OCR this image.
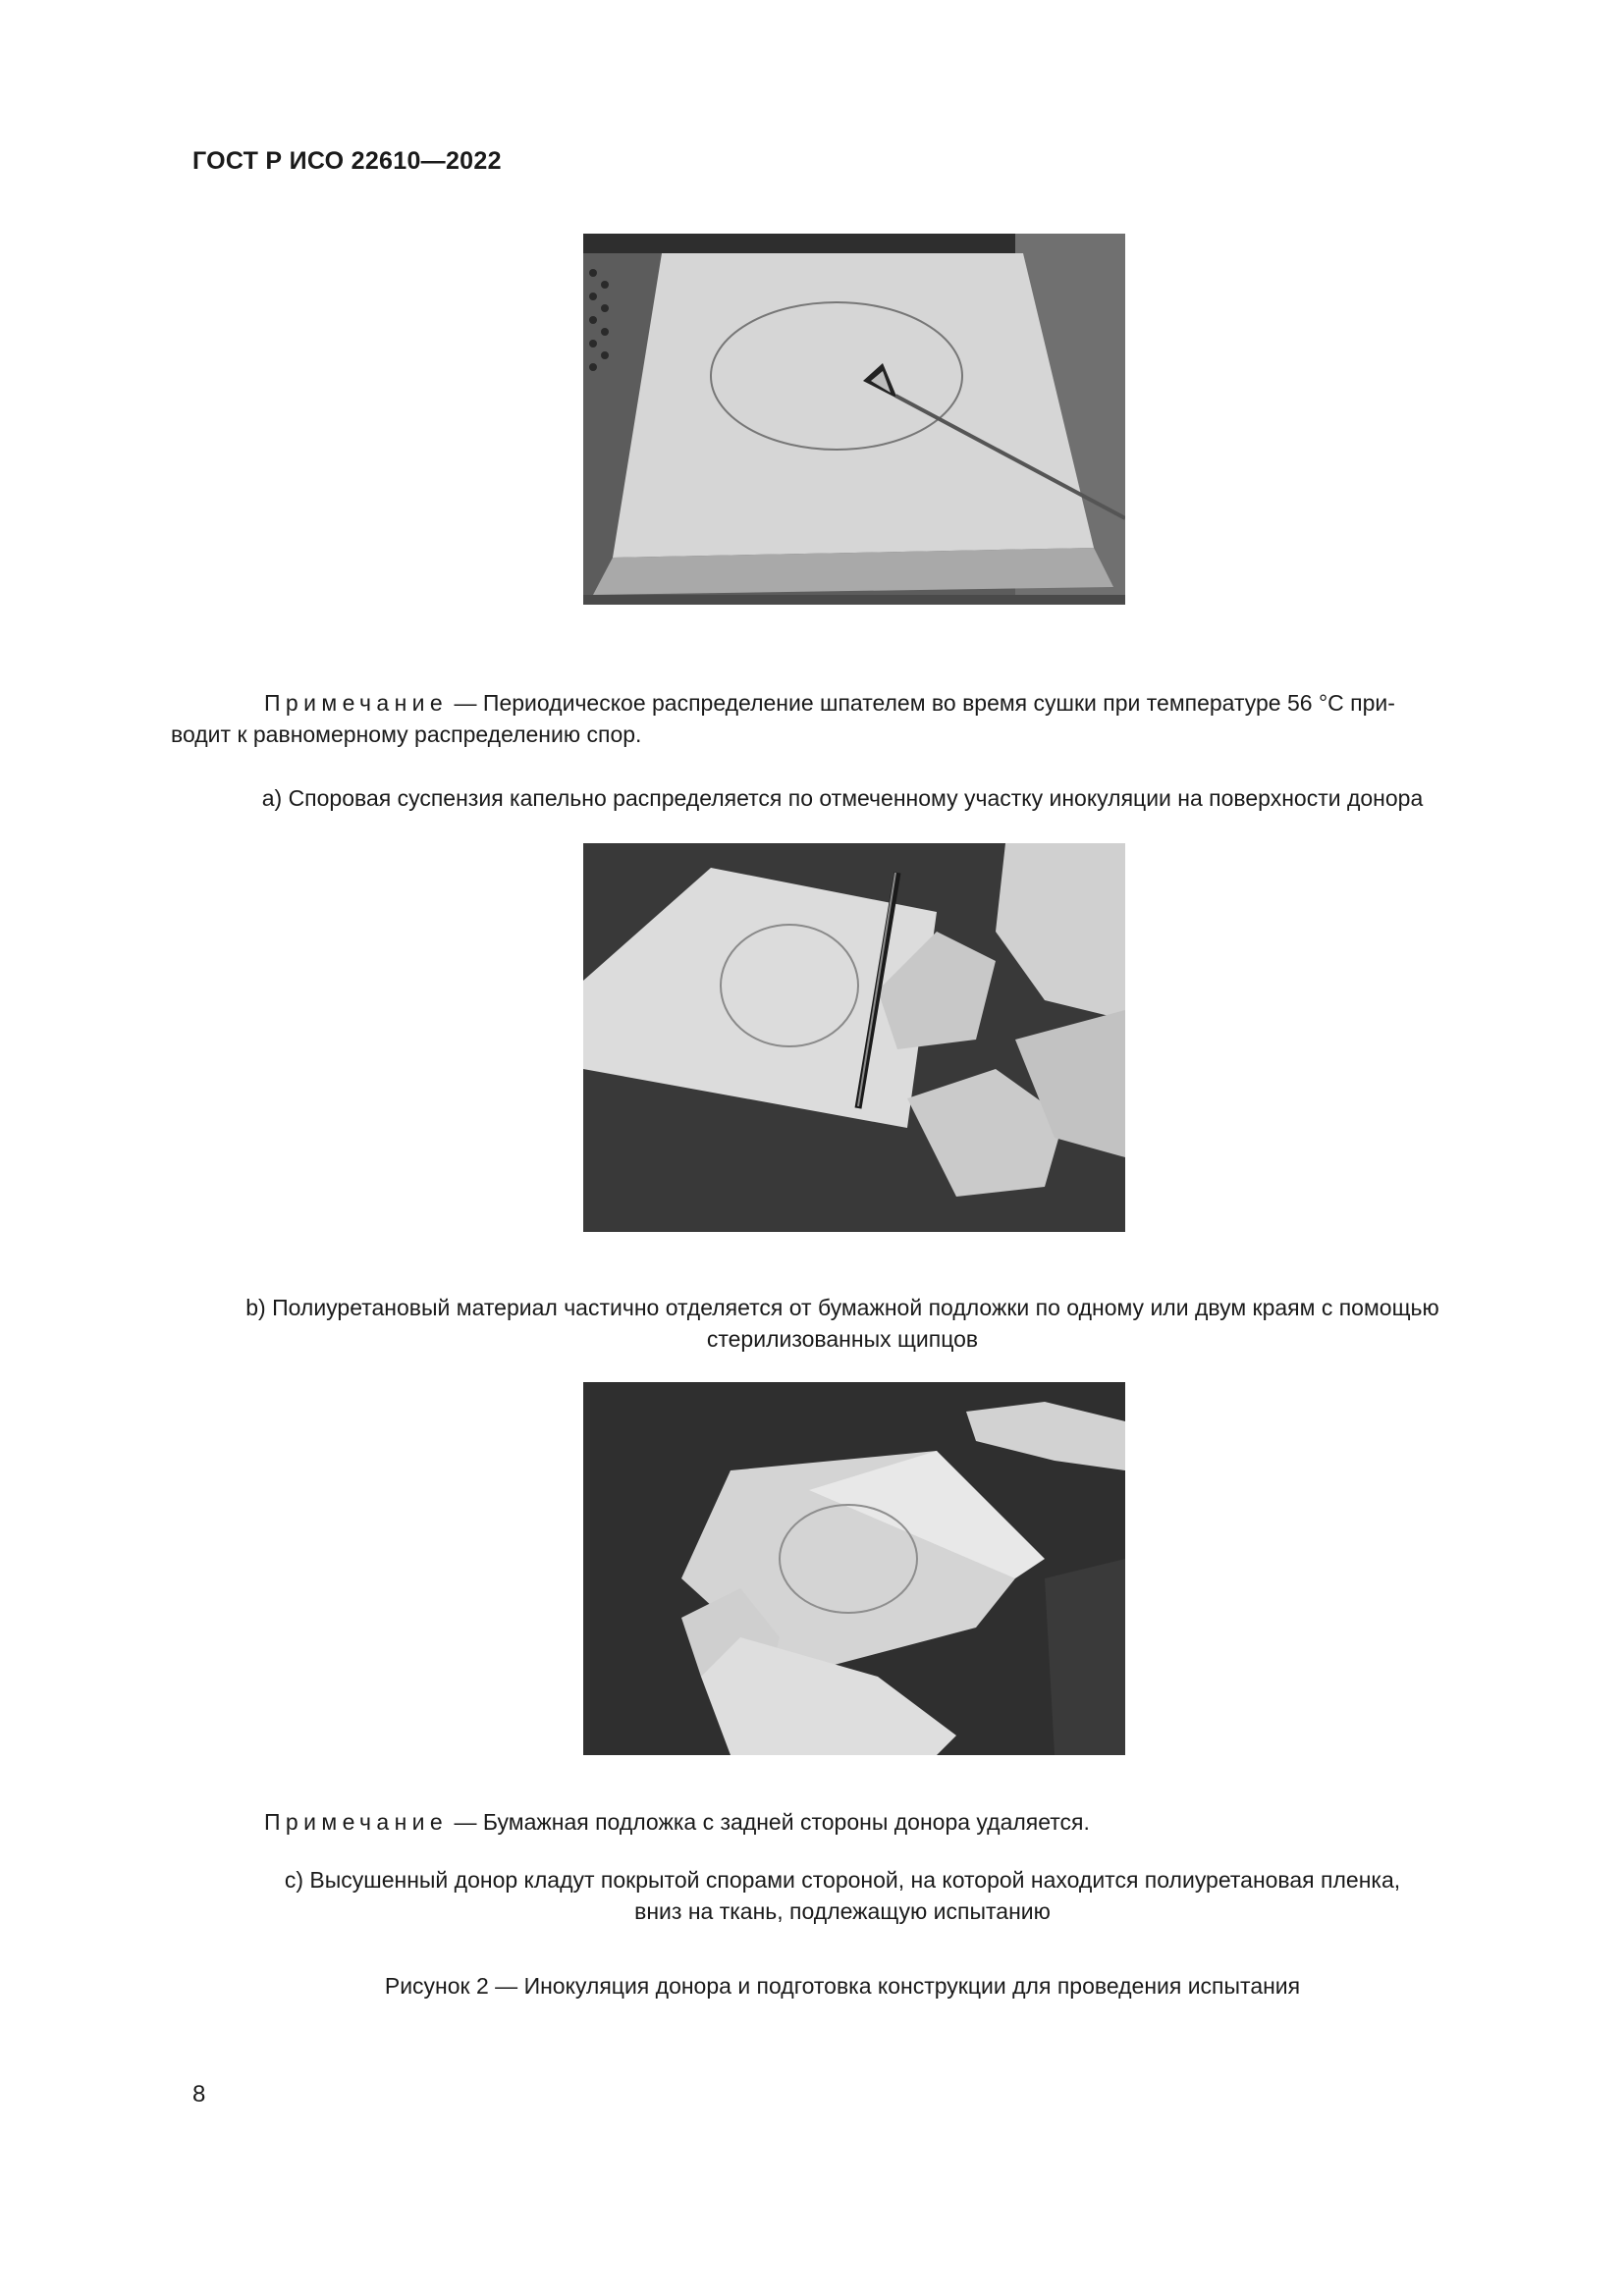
ГОСТ Р ИСО 22610—2022
Примечание — Периодическое распределение шпателем во время сушки при температуре 56 °С при-
водит к равномерному распределению спор.
a) Споровая суспензия капельно распределяется по отмеченному участку инокуляции на поверхности донора
b) Полиуретановый материал частично отделяется от бумажной подложки по одному или двум краям с помощью
стерилизованных щипцов
Примечание — Бумажная подложка с задней стороны донора удаляется.
c) Высушенный донор кладут покрытой спорами стороной, на которой находится полиуретановая пленка,
вниз на ткань, подлежащую испытанию
Рисунок 2 — Инокуляция донора и подготовка конструкции для проведения испытания
8
